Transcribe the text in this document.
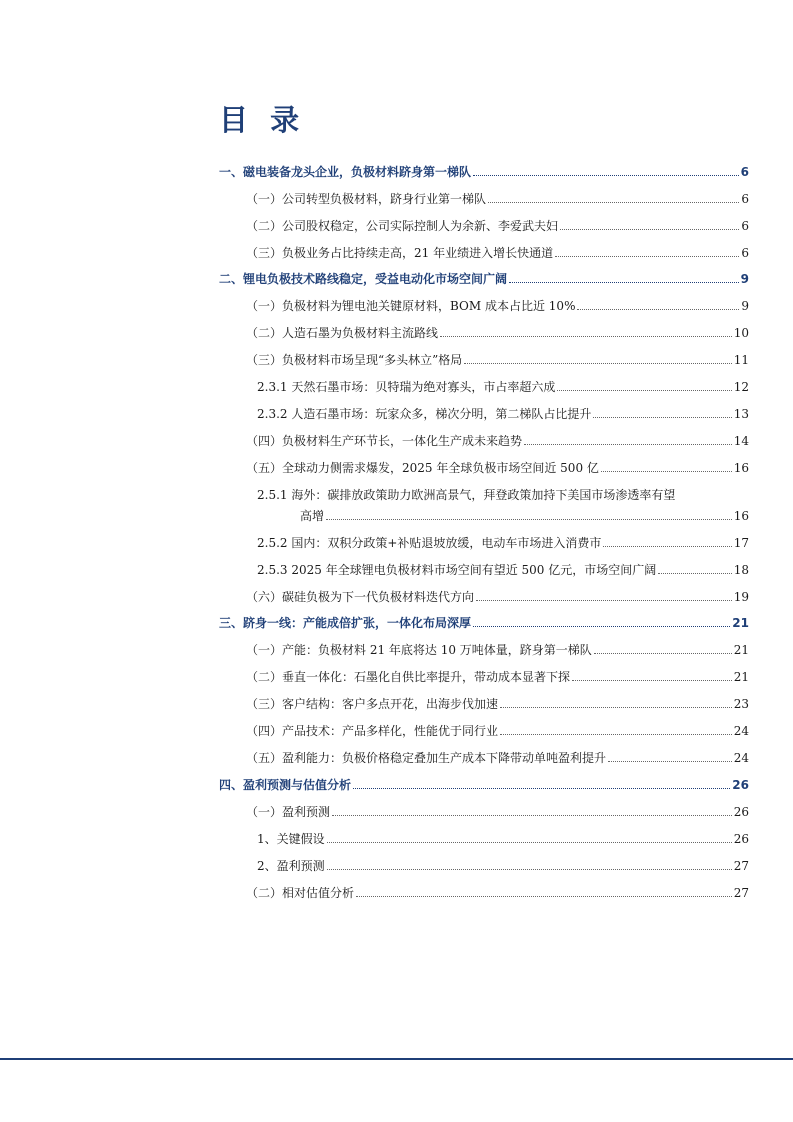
目 录
一、磁电装备龙头企业，负极材料跻身第一梯队	6
（一）公司转型负极材料，跻身行业第一梯队	6
（二）公司股权稳定，公司实际控制人为余新、李爱武夫妇	6
（三）负极业务占比持续走高，21 年业绩进入增长快通道	6
二、锂电负极技术路线稳定，受益电动化市场空间广阔	9
（一）负极材料为锂电池关键原材料，BOM 成本占比近 10%	9
（二）人造石墨为负极材料主流路线	10
（三）负极材料市场呈现“多头林立”格局	11
2.3.1 天然石墨市场：贝特瑞为绝对寡头，市占率超六成	12
2.3.2 人造石墨市场：玩家众多，梯次分明，第二梯队占比提升	13
（四）负极材料生产环节长，一体化生产成未来趋势	14
（五）全球动力侧需求爆发，2025 年全球负极市场空间近 500 亿	16
2.5.1 海外：碳排放政策助力欧洲高景气，拜登政策加持下美国市场渗透率有望
高增	16
2.5.2 国内：双积分政策+补贴退坡放缓，电动车市场进入消费市	17
2.5.3 2025 年全球锂电负极材料市场空间有望近 500 亿元，市场空间广阔	18
（六）碳硅负极为下一代负极材料迭代方向	19
三、跻身一线：产能成倍扩张，一体化布局深厚	21
（一）产能：负极材料 21 年底将达 10 万吨体量，跻身第一梯队	21
（二）垂直一体化：石墨化自供比率提升，带动成本显著下探	21
（三）客户结构：客户多点开花，出海步伐加速	23
（四）产品技术：产品多样化，性能优于同行业	24
（五）盈利能力：负极价格稳定叠加生产成本下降带动单吨盈利提升	24
四、盈利预测与估值分析	26
（一）盈利预测	26
1、关键假设	26
2、盈利预测	27
（二）相对估值分析	27
